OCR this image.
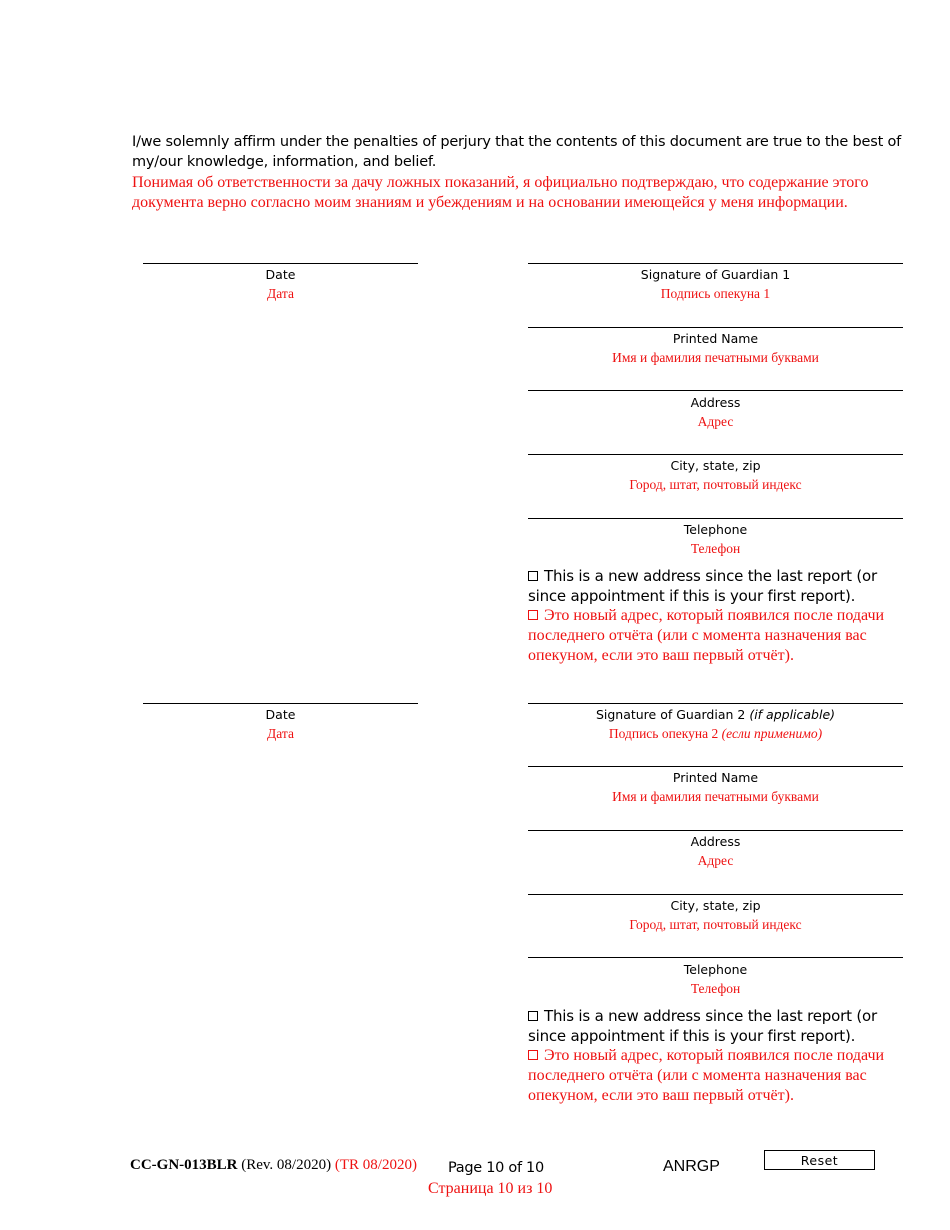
I/we solemnly affirm under the penalties of perjury that the contents of this document are true to the best of my/our knowledge, information, and belief.
Понимая об ответственности за дачу ложных показаний, я официально подтверждаю, что содержание этого документа верно согласно моим знаниям и убеждениям и на основании имеющейся у меня информации.
Date
Дата
Signature of Guardian 1
Подпись опекуна 1
Printed Name
Имя и фамилия печатными буквами
Address
Адрес
City, state, zip
Город, штат, почтовый индекс
Telephone
Телефон
This is a new address since the last report (or since appointment if this is your first report).
Это новый адрес, который появился после подачи последнего отчёта (или с момента назначения вас опекуном, если это ваш первый отчёт).
Date
Дата
Signature of Guardian 2 (if applicable)
Подпись опекуна 2 (если применимо)
Printed Name
Имя и фамилия печатными буквами
Address
Адрес
City, state, zip
Город, штат, почтовый индекс
Telephone
Телефон
This is a new address since the last report (or since appointment if this is your first report).
Это новый адрес, который появился после подачи последнего отчёта (или с момента назначения вас опекуном, если это ваш первый отчёт).
CC-GN-013BLR (Rev. 08/2020) (TR 08/2020) Page 10 of 10
Страница 10 из 10
ANRGP	Reset
